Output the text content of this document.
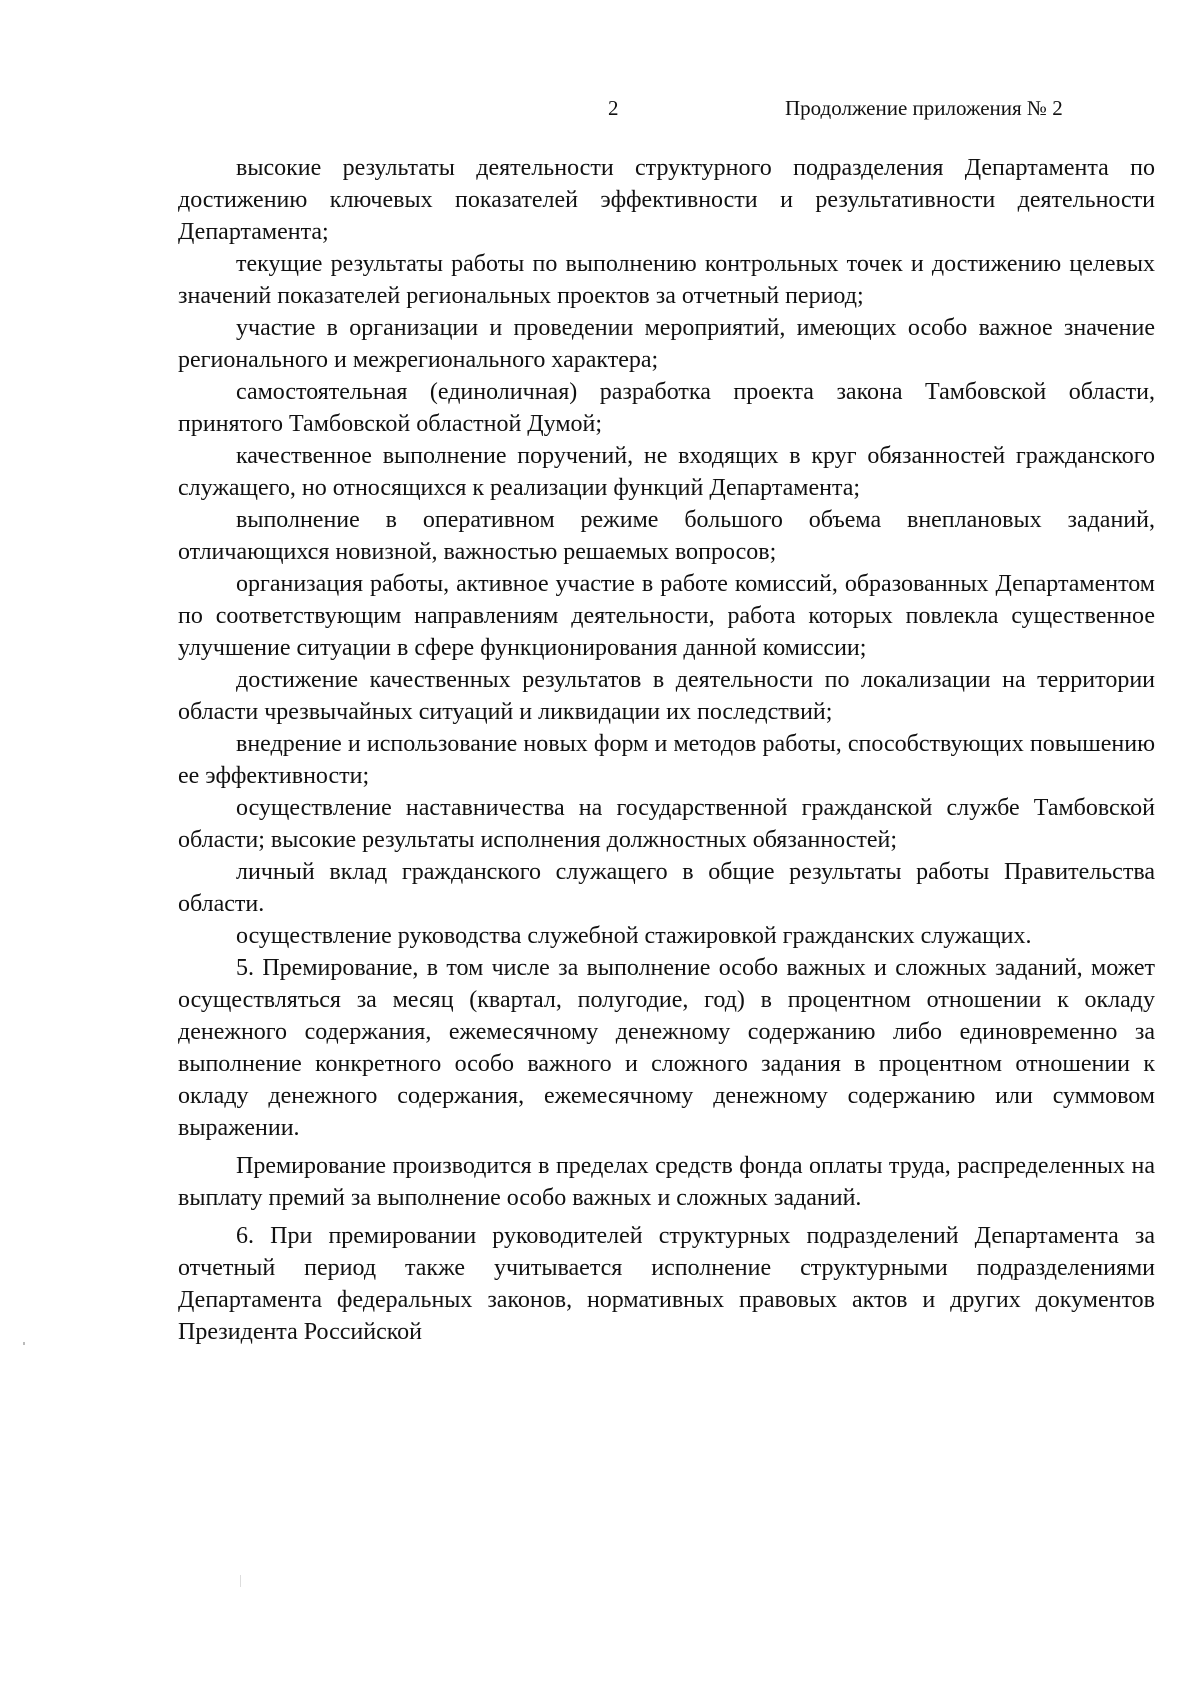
2	Продолжение приложения № 2

высокие результаты деятельности структурного подразделения Департамента по достижению ключевых показателей эффективности и результативности деятельности Департамента;

текущие результаты работы по выполнению контрольных точек и достижению целевых значений показателей региональных проектов за отчетный период;

участие в организации и проведении мероприятий, имеющих особо важное значение регионального и межрегионального характера;

самостоятельная (единоличная) разработка проекта закона Тамбовской области, принятого Тамбовской областной Думой;

качественное выполнение поручений, не входящих в круг обязанностей гражданского служащего, но относящихся к реализации функций Департамента;

выполнение в оперативном режиме большого объема внеплановых заданий, отличающихся новизной, важностью решаемых вопросов;

организация работы, активное участие в работе комиссий, образованных Департаментом по соответствующим направлениям деятельности, работа которых повлекла существенное улучшение ситуации в сфере функционирования данной комиссии;

достижение качественных результатов в деятельности по локализации на территории области чрезвычайных ситуаций и ликвидации их последствий;

внедрение и использование новых форм и методов работы, способствующих повышению ее эффективности;

осуществление наставничества на государственной гражданской службе Тамбовской области; высокие результаты исполнения должностных обязанностей;

личный вклад гражданского служащего в общие результаты работы Правительства области.

осуществление руководства служебной стажировкой гражданских служащих.

5. Премирование, в том числе за выполнение особо важных и сложных заданий, может осуществляться за месяц (квартал, полугодие, год) в процентном отношении к окладу денежного содержания, ежемесячному денежному содержанию либо единовременно за выполнение конкретного особо важного и сложного задания в процентном отношении к окладу денежного содержания, ежемесячному денежному содержанию или суммовом выражении.

Премирование производится в пределах средств фонда оплаты труда, распределенных на выплату премий за выполнение особо важных и сложных заданий.

6. При премировании руководителей структурных подразделений Департамента за отчетный период также учитывается исполнение структурными подразделениями Департамента федеральных законов, нормативных правовых актов и других документов Президента Российской
